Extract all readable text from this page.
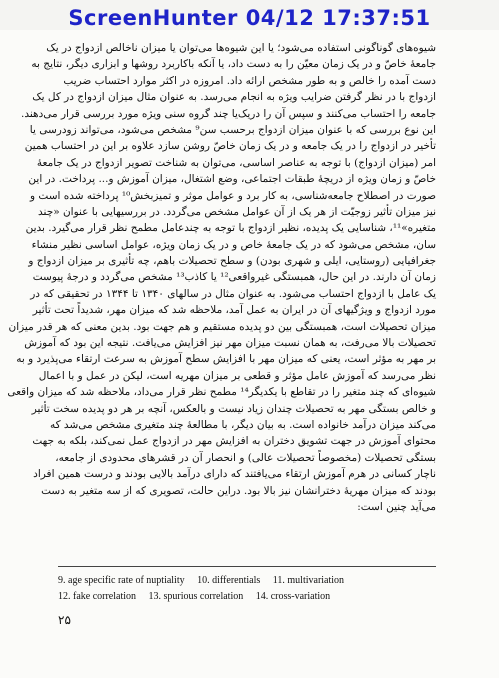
ScreenHunter 04/12 17:37:51
شیوه‌های گوناگونی استفاده می‌شود؛ یا این شیوه‌ها می‌توان یا میزان ناخالص ازدواج در یک
جامعهٔ خاصّ و در یک زمان معیّن را به دست داد، یا آنکه باکاربرد روشها و ابزاری دیگر، نتایج به
دست آمده را خالص و به طور مشخص ارائه داد. امروزه در اکثر موارد احتساب ضریب
ازدواج با در نظر گرفتن ضرایب ویژه به انجام می‌رسد. به عنوان مثال میزان ازدواج در کل یک
جامعه را احتساب می‌کنند و سپس آن را دریک‌یا چند گروه سنی ویژه مورد بررسی قرار می‌دهند.
این نوع بررسی که با عنوان میزان ازدواج برحسب سن⁹ مشخص می‌شود، می‌تواند زودرسی یا
تأخیر در ازدواج را در یک جامعه و در یک زمان خاصّ روشن سازد علاوه بر این در احتساب همین
امر (میزان ازدواج) با توجه به عناصر اساسی، می‌توان به شناخت تصویر ازدواج در یک جامعهٔ
خاصّ و زمان ویژه از دریچهٔ طبقات اجتماعی، وضع اشتغال، میزان آموزش و... پرداخت. در این
صورت در اصطلاح جامعه‌شناسی، به کار برد و عوامل موثر و تمیزبخش¹⁰ پرداخته شده است و
نیز میزان تأثیر زوجیّت از هر یک از آن عوامل مشخص می‌گردد. در بررسیهایی با عنوان «چند
متغیره»¹¹، شناسایی یک پدیده، نظیر ازدواج با توجه به چندعامل مطمح نظر قرار می‌گیرد. بدین
سان، مشخص می‌شود که در یک جامعهٔ خاص و در یک زمان ویژه، عوامل اساسی نظیر منشاء
جغرافیایی (روستایی، ایلی و شهری بودن) و سطح تحصیلات باهم، چه تأثیری بر میزان ازدواج و
زمان آن دارند. در این حال، همبستگی غیرواقعی¹² یا کاذب¹³ مشخص می‌گردد و درجهٔ پیوست
یک عامل با ازدواج احتساب می‌شود. به عنوان مثال در سالهای ۱۳۴۰ تا ۱۳۴۴ در تحقیقی که در
مورد ازدواج و ویژگیهای آن در ایران به عمل آمد، ملاحظه شد که میزان مهر، شدیداً تحت تأثیر
میزان تحصیلات است، همبستگی بین دو پدیده مستقیم و هم جهت بود. بدین معنی که هر قدر میزان
تحصیلات بالا می‌رفت، به همان نسبت میزان مهر نیز افزایش می‌یافت. نتیجه این بود که آموزش
بر مهر به مؤثر است، یعنی که میزان مهر با افزایش سطح آموزش به سرعت ارتقاء می‌پذیرد و به
نظر می‌رسد که آموزش عامل مؤثر و قطعی بر میزان مهریه است، لیکن در عمل و با اعمال
شیوه‌ای که چند متغیر را در تقاطع با یکدیگر¹⁴ مطمح نظر قرار می‌داد، ملاحظه شد که میزان واقعی
و خالص بستگی مهر به تحصیلات چندان زیاد نیست و بالعکس، آنچه بر هر دو پدیده سخت تأثیر
می‌کند میزان درآمد خانواده است. به بیان دیگر، با مطالعهٔ چند متغیری مشخص می‌شد که
محتوای آموزش در جهت تشویق دختران به افزایش مهر در ازدواج عمل نمی‌کند، بلکه به جهت
بستگی تحصیلات (مخصوصاً تحصیلات عالی) و انحصار آن در قشرهای محدودی از جامعه،
ناچار کسانی در هرم آموزش ارتقاء می‌یافتند که دارای درآمد بالایی بودند و درست همین افراد
بودند که میزان مهریهٔ دخترانشان نیز بالا بود. دراین حالت، تصویری که از سه متغیر به دست
می‌آید چنین است:
9. age specific rate of nuptiality 10. differentials 11. multivariation
12. fake correlation 13. spurious correlation 14. cross-variation
۲۵
